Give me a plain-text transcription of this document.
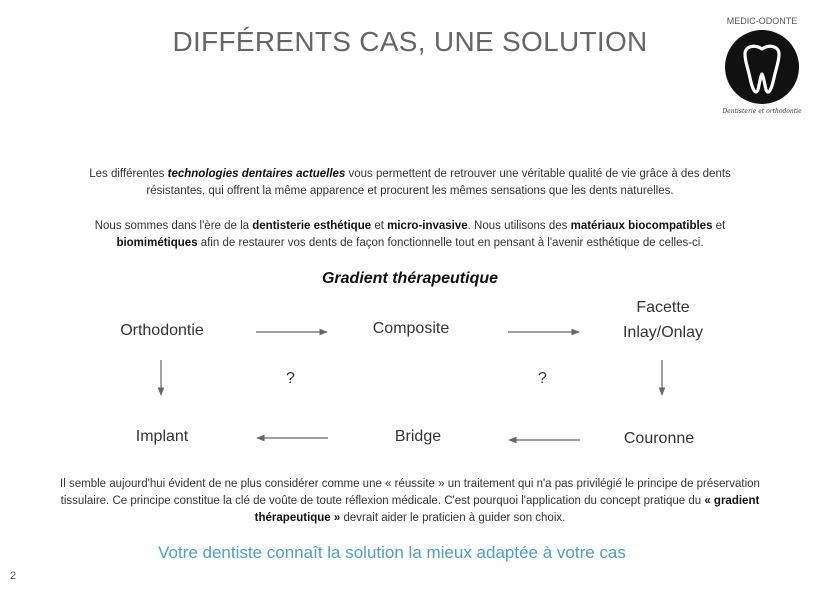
DIFFÉRENTS CAS, UNE SOLUTION
MEDIC-ODONTE
Dentisterie et orthodontie

Les différentes technologies dentaires actuelles vous permettent de retrouver une véritable qualité de vie grâce à des dents résistantes, qui offrent la même apparence et procurent les mêmes sensations que les dents naturelles.

Nous sommes dans l'ère de la dentisterie esthétique et micro-invasive. Nous utilisons des matériaux biocompatibles et biomimétiques afin de restaurer vos dents de façon fonctionnelle tout en pensant à l'avenir esthétique de celles-ci.

Gradient thérapeutique
Orthodontie	Composite
Facette
Inlay/Onlay
Implant	Bridge	Couronne
?	?

Il semble aujourd'hui évident de ne plus considérer comme une « réussite » un traitement qui n'a pas privilégié le principe de préservation tissulaire. Ce principe constitue la clé de voûte de toute réflexion médicale. C'est pourquoi l'application du concept pratique du « gradient thérapeutique » devrait aider le praticien à guider son choix.

Votre dentiste connaît la solution la mieux adaptée à votre cas

2
